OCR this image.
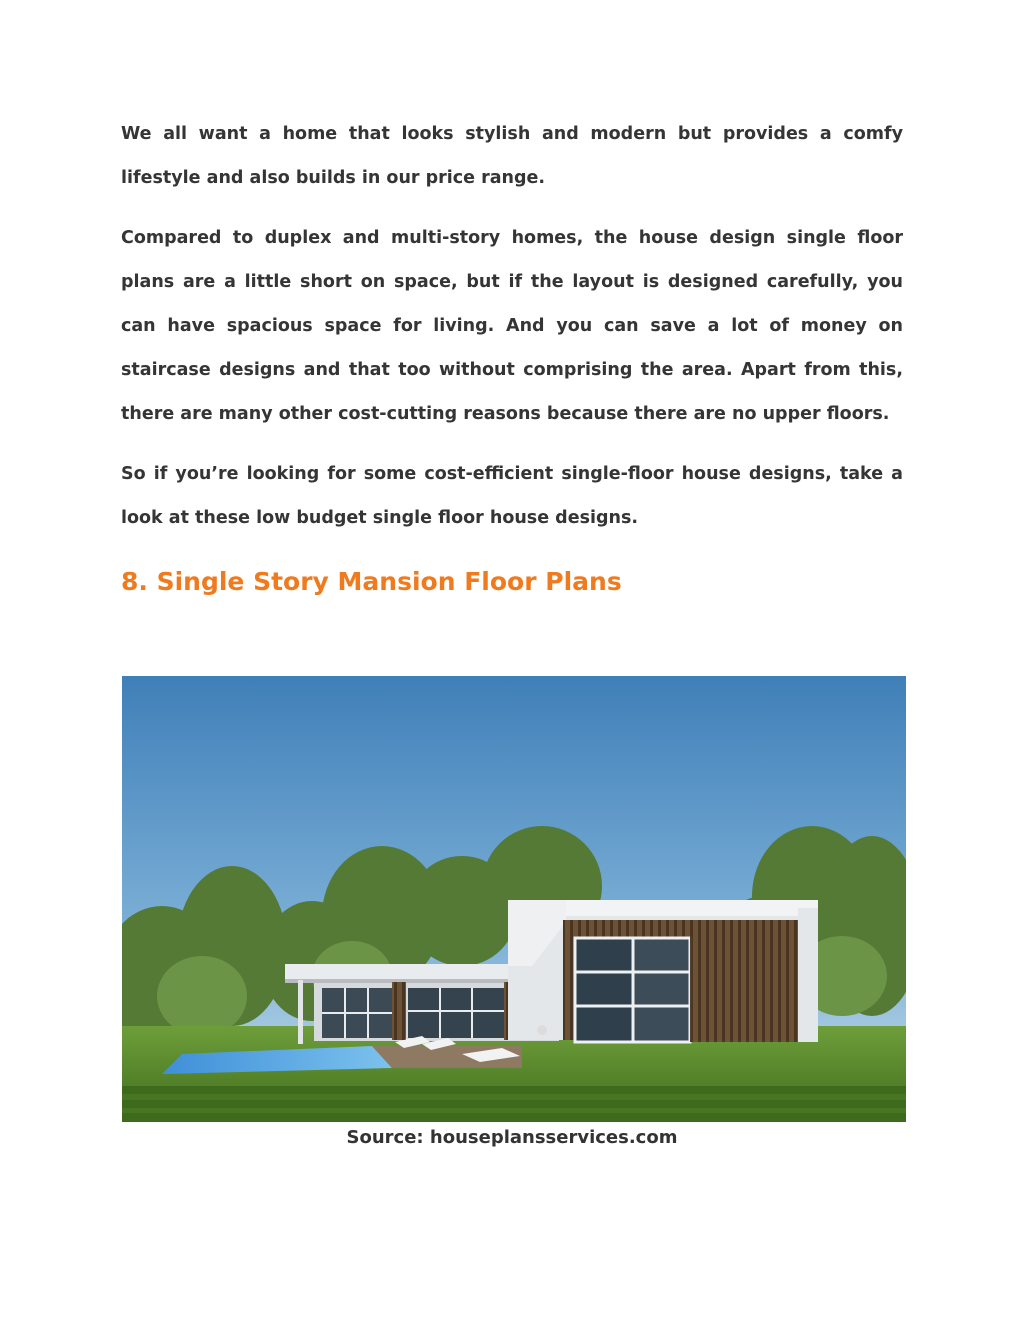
We all want a home that looks stylish and modern but provides a comfy lifestyle and also builds in our price range.

Compared to duplex and multi-story homes, the house design single floor plans are a little short on space, but if the layout is designed carefully, you can have spacious space for living. And you can save a lot of money on staircase designs and that too without comprising the area. Apart from this, there are many other cost-cutting reasons because there are no upper floors.

So if you’re looking for some cost-efficient single-floor house designs, take a look at these low budget single floor house designs.

8. Single Story Mansion Floor Plans
Source: houseplansservices.com
